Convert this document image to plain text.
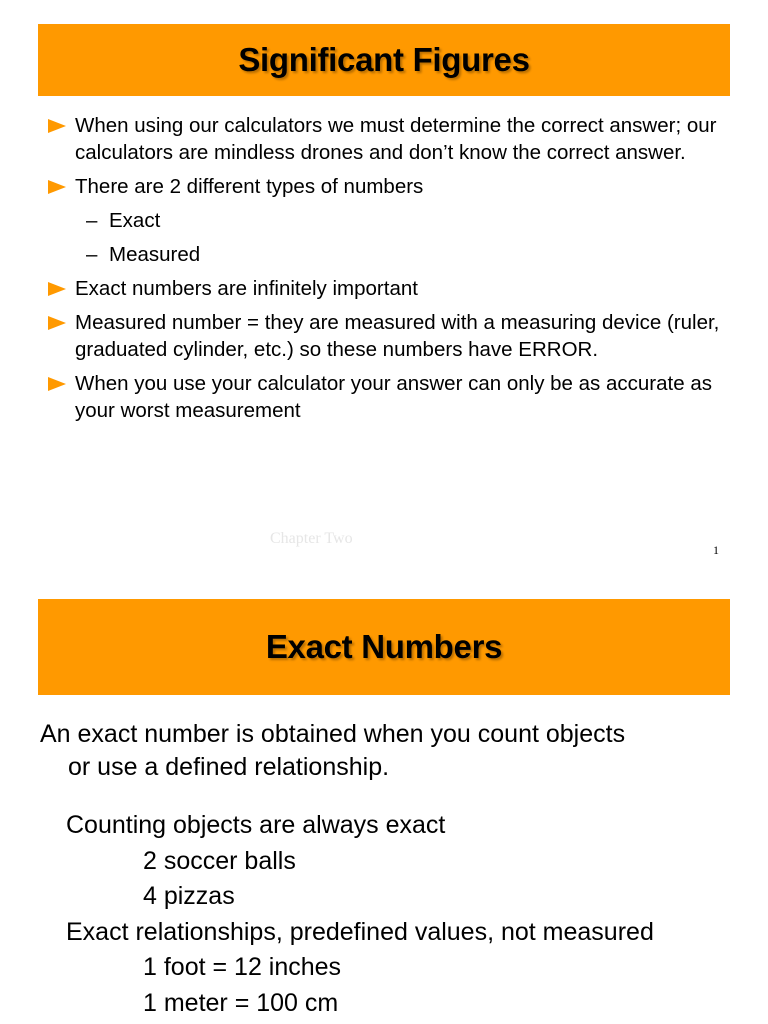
Significant Figures
When using our calculators we must determine the correct answer; our calculators are mindless drones and don’t know the correct answer.
There are 2 different types of numbers
– Exact
– Measured
Exact numbers are infinitely important
Measured number = they are measured with a measuring device (ruler, graduated cylinder, etc.) so these numbers have ERROR.
When you use your calculator your answer can only be as accurate as your worst measurement
Chapter Two
1
Exact Numbers
An exact number is obtained when you count objects
or use a defined relationship.
Counting objects are always exact
2 soccer balls
4 pizzas
Exact relationships, predefined values, not measured
1 foot = 12 inches
1 meter = 100 cm
